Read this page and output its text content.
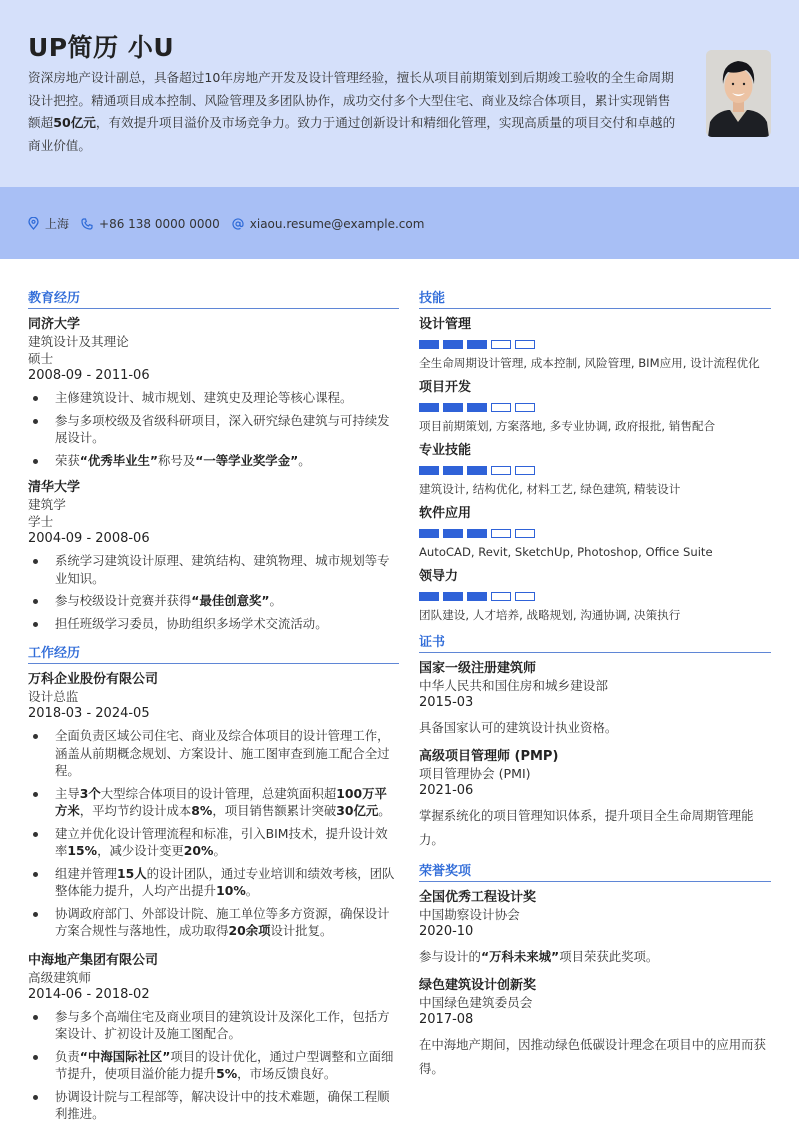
UP简历 小U
资深房地产设计副总，具备超过10年房地产开发及设计管理经验，擅长从项目前期策划到后期竣工验收的全生命周期设计把控。精通项目成本控制、风险管理及多团队协作，成功交付多个大型住宅、商业及综合体项目，累计实现销售额超50亿元，有效提升项目溢价及市场竞争力。致力于通过创新设计和精细化管理，实现高质量的项目交付和卓越的商业价值。
上海	+86 138 0000 0000	xiaou.resume@example.com
教育经历
同济大学
建筑设计及其理论
硕士
2008-09 - 2011-06
主修建筑设计、城市规划、建筑史及理论等核心课程。
参与多项校级及省级科研项目，深入研究绿色建筑与可持续发展设计。
荣获“优秀毕业生”称号及“一等学业奖学金”。
清华大学
建筑学
学士
2004-09 - 2008-06
系统学习建筑设计原理、建筑结构、建筑物理、城市规划等专业知识。
参与校级设计竞赛并获得“最佳创意奖”。
担任班级学习委员，协助组织多场学术交流活动。
工作经历
万科企业股份有限公司
设计总监
2018-03 - 2024-05
全面负责区域公司住宅、商业及综合体项目的设计管理工作，涵盖从前期概念规划、方案设计、施工图审查到施工配合全过程。
主导3个大型综合体项目的设计管理，总建筑面积超100万平方米，平均节约设计成本8%，项目销售额累计突破30亿元。
建立并优化设计管理流程和标准，引入BIM技术，提升设计效率15%，减少设计变更20%。
组建并管理15人的设计团队，通过专业培训和绩效考核，团队整体能力提升，人均产出提升10%。
协调政府部门、外部设计院、施工单位等多方资源，确保设计方案合规性与落地性，成功取得20余项设计批复。
中海地产集团有限公司
高级建筑师
2014-06 - 2018-02
参与多个高端住宅及商业项目的建筑设计及深化工作，包括方案设计、扩初设计及施工图配合。
负责“中海国际社区”项目的设计优化，通过户型调整和立面细节提升，使项目溢价能力提升5%，市场反馈良好。
协调设计院与工程部等，解决设计中的技术难题，确保工程顺利推进。
技能
设计管理
全生命周期设计管理, 成本控制, 风险管理, BIM应用, 设计流程优化
项目开发
项目前期策划, 方案落地, 多专业协调, 政府报批, 销售配合
专业技能
建筑设计, 结构优化, 材料工艺, 绿色建筑, 精装设计
软件应用
AutoCAD, Revit, SketchUp, Photoshop, Office Suite
领导力
团队建设, 人才培养, 战略规划, 沟通协调, 决策执行
证书
国家一级注册建筑师
中华人民共和国住房和城乡建设部
2015-03
具备国家认可的建筑设计执业资格。
高级项目管理师 (PMP)
项目管理协会 (PMI)
2021-06
掌握系统化的项目管理知识体系，提升项目全生命周期管理能力。
荣誉奖项
全国优秀工程设计奖
中国勘察设计协会
2020-10
参与设计的“万科未来城”项目荣获此奖项。
绿色建筑设计创新奖
中国绿色建筑委员会
2017-08
在中海地产期间，因推动绿色低碳设计理念在项目中的应用而获得。
